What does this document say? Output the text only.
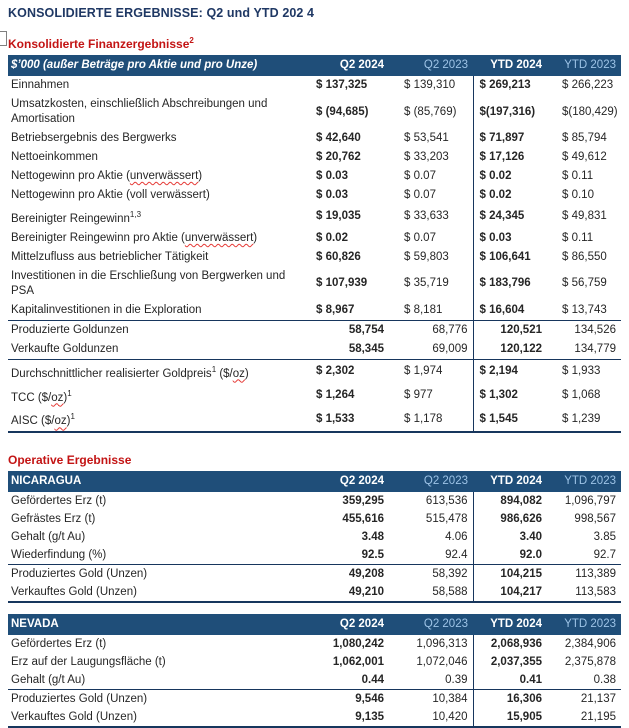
KONSOLIDIERTE ERGEBNISSE: Q2 und YTD 202 4
Konsolidierte Finanzergebnisse$^2$
$’000 (außer Beträge pro Aktie und pro Unze)	Q2 2024	Q2 2023	YTD 2024	YTD 2023
Einnahmen	$ 137,325	$ 139,310	$ 269,213	$ 266,223
Umsatzkosten, einschließlich Abschreibungen und Amortisation	$ (94,685)	$ (85,769)	$(197,316)	$(180,429)
Betriebsergebnis des Bergwerks	$ 42,640	$ 53,541	$ 71,897	$ 85,794
Nettoeinkommen	$ 20,762	$ 33,203	$ 17,126	$ 49,612
Nettogewinn pro Aktie (unverwässert)	$ 0.03	$ 0.07	$ 0.02	$ 0.11
Nettogewinn pro Aktie (voll verwässert)	$ 0.03	$ 0.07	$ 0.02	$ 0.10
Bereinigter Reingewinn$^{1,3}$	$ 19,035	$ 33,633	$ 24,345	$ 49,831
Bereinigter Reingewinn pro Aktie (unverwässert)	$ 0.02	$ 0.07	$ 0.03	$ 0.11
Mittelzufluss aus betrieblicher Tätigkeit	$ 60,826	$ 59,803	$ 106,641	$ 86,550
Investitionen in die Erschließung von Bergwerken und PSA	$ 107,939	$ 35,719	$ 183,796	$ 56,759
Kapitalinvestitionen in die Exploration	$ 8,967	$ 8,181	$ 16,604	$ 13,743
Produzierte Goldunzen	58,754	68,776	120,521	134,526
Verkaufte Goldunzen	58,345	69,009	120,122	134,779
Durchschnittlicher realisierter Goldpreis$^1$ ($/oz)	$ 2,302	$ 1,974	$ 2,194	$ 1,933
TCC ($/oz)$^1$	$ 1,264	$ 977	$ 1,302	$ 1,068
AISC ($/oz)$^1$	$ 1,533	$ 1,178	$ 1,545	$ 1,239
Operative Ergebnisse
NICARAGUA	Q2 2024	Q2 2023	YTD 2024	YTD 2023
Gefördertes Erz (t)	359,295	613,536	894,082	1,096,797
Gefrästes Erz (t)	455,616	515,478	986,626	998,567
Gehalt (g/t Au)	3.48	4.06	3.40	3.85
Wiederfindung (%)	92.5	92.4	92.0	92.7
Produziertes Gold (Unzen)	49,208	58,392	104,215	113,389
Verkauftes Gold (Unzen)	49,210	58,588	104,217	113,583
NEVADA	Q2 2024	Q2 2023	YTD 2024	YTD 2023
Gefördertes Erz (t)	1,080,242	1,096,313	2,068,936	2,384,906
Erz auf der Laugungsfläche (t)	1,062,001	1,072,046	2,037,355	2,375,878
Gehalt (g/t Au)	0.44	0.39	0.41	0.38
Produziertes Gold (Unzen)	9,546	10,384	16,306	21,137
Verkauftes Gold (Unzen)	9,135	10,420	15,905	21,195
